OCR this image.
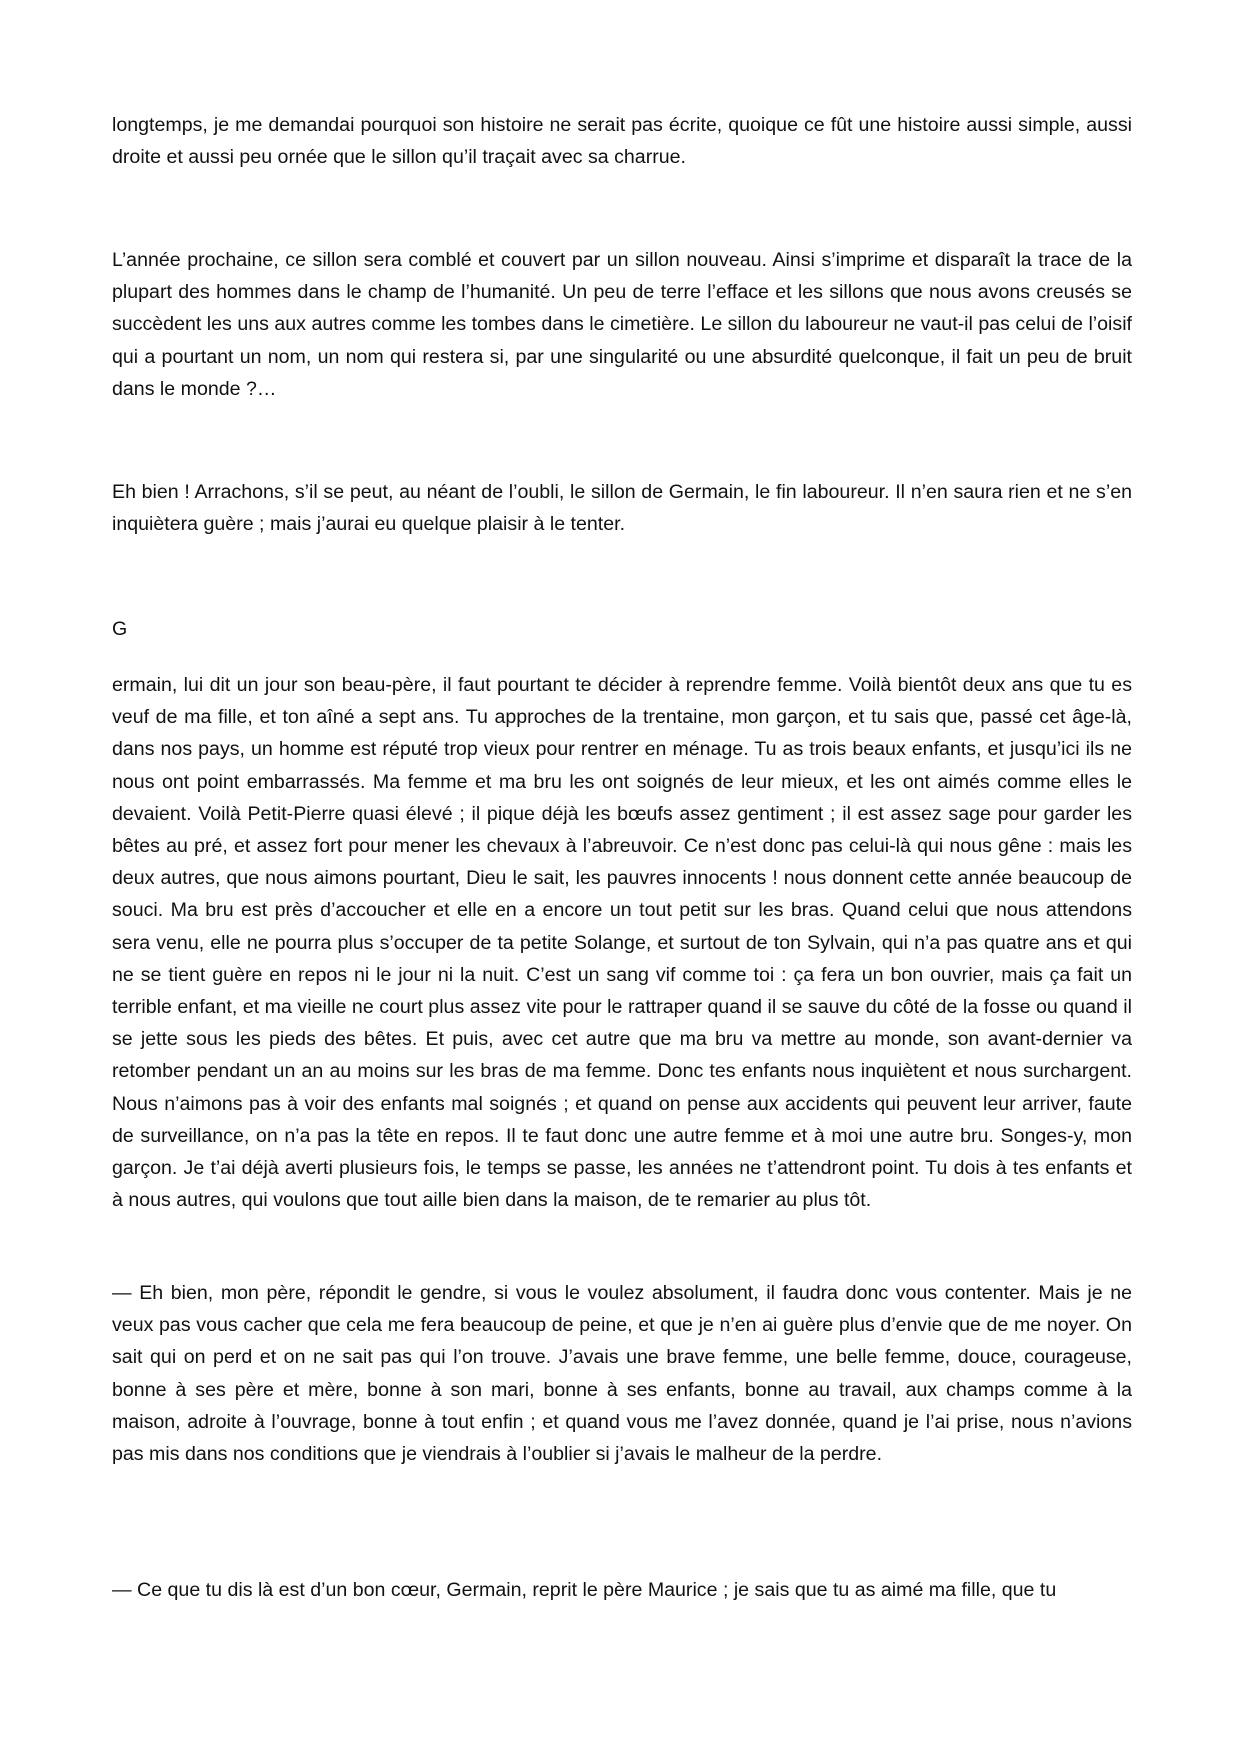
longtemps, je me demandai pourquoi son histoire ne serait pas écrite, quoique ce fût une histoire aussi simple, aussi droite et aussi peu ornée que le sillon qu’il traçait avec sa charrue.

L’année prochaine, ce sillon sera comblé et couvert par un sillon nouveau. Ainsi s’imprime et disparaît la trace de la plupart des hommes dans le champ de l’humanité. Un peu de terre l’efface et les sillons que nous avons creusés se succèdent les uns aux autres comme les tombes dans le cimetière. Le sillon du laboureur ne vaut-il pas celui de l’oisif qui a pourtant un nom, un nom qui restera si, par une singularité ou une absurdité quelconque, il fait un peu de bruit dans le monde ?…

Eh bien ! Arrachons, s’il se peut, au néant de l’oubli, le sillon de Germain, le fin laboureur. Il n’en saura rien et ne s’en inquiètera guère ; mais j’aurai eu quelque plaisir à le tenter.

G

ermain, lui dit un jour son beau-père, il faut pourtant te décider à reprendre femme. Voilà bientôt deux ans que tu es veuf de ma fille, et ton aîné a sept ans. Tu approches de la trentaine, mon garçon, et tu sais que, passé cet âge-là, dans nos pays, un homme est réputé trop vieux pour rentrer en ménage. Tu as trois beaux enfants, et jusqu’ici ils ne nous ont point embarrassés. Ma femme et ma bru les ont soignés de leur mieux, et les ont aimés comme elles le devaient. Voilà Petit-Pierre quasi élevé ; il pique déjà les bœufs assez gentiment ; il est assez sage pour garder les bêtes au pré, et assez fort pour mener les chevaux à l’abreuvoir. Ce n’est donc pas celui-là qui nous gêne : mais les deux autres, que nous aimons pourtant, Dieu le sait, les pauvres innocents ! nous donnent cette année beaucoup de souci. Ma bru est près d’accoucher et elle en a encore un tout petit sur les bras. Quand celui que nous attendons sera venu, elle ne pourra plus s’occuper de ta petite Solange, et surtout de ton Sylvain, qui n’a pas quatre ans et qui ne se tient guère en repos ni le jour ni la nuit. C’est un sang vif comme toi : ça fera un bon ouvrier, mais ça fait un terrible enfant, et ma vieille ne court plus assez vite pour le rattraper quand il se sauve du côté de la fosse ou quand il se jette sous les pieds des bêtes. Et puis, avec cet autre que ma bru va mettre au monde, son avant-dernier va retomber pendant un an au moins sur les bras de ma femme. Donc tes enfants nous inquiètent et nous surchargent. Nous n’aimons pas à voir des enfants mal soignés ; et quand on pense aux accidents qui peuvent leur arriver, faute de surveillance, on n’a pas la tête en repos. Il te faut donc une autre femme et à moi une autre bru. Songes-y, mon garçon. Je t’ai déjà averti plusieurs fois, le temps se passe, les années ne t’attendront point. Tu dois à tes enfants et à nous autres, qui voulons que tout aille bien dans la maison, de te remarier au plus tôt.

— Eh bien, mon père, répondit le gendre, si vous le voulez absolument, il faudra donc vous contenter. Mais je ne veux pas vous cacher que cela me fera beaucoup de peine, et que je n’en ai guère plus d’envie que de me noyer. On sait qui on perd et on ne sait pas qui l’on trouve. J’avais une brave femme, une belle femme, douce, courageuse, bonne à ses père et mère, bonne à son mari, bonne à ses enfants, bonne au travail, aux champs comme à la maison, adroite à l’ouvrage, bonne à tout enfin ; et quand vous me l’avez donnée, quand je l’ai prise, nous n’avions pas mis dans nos conditions que je viendrais à l’oublier si j’avais le malheur de la perdre.

— Ce que tu dis là est d’un bon cœur, Germain, reprit le père Maurice ; je sais que tu as aimé ma fille, que tu
